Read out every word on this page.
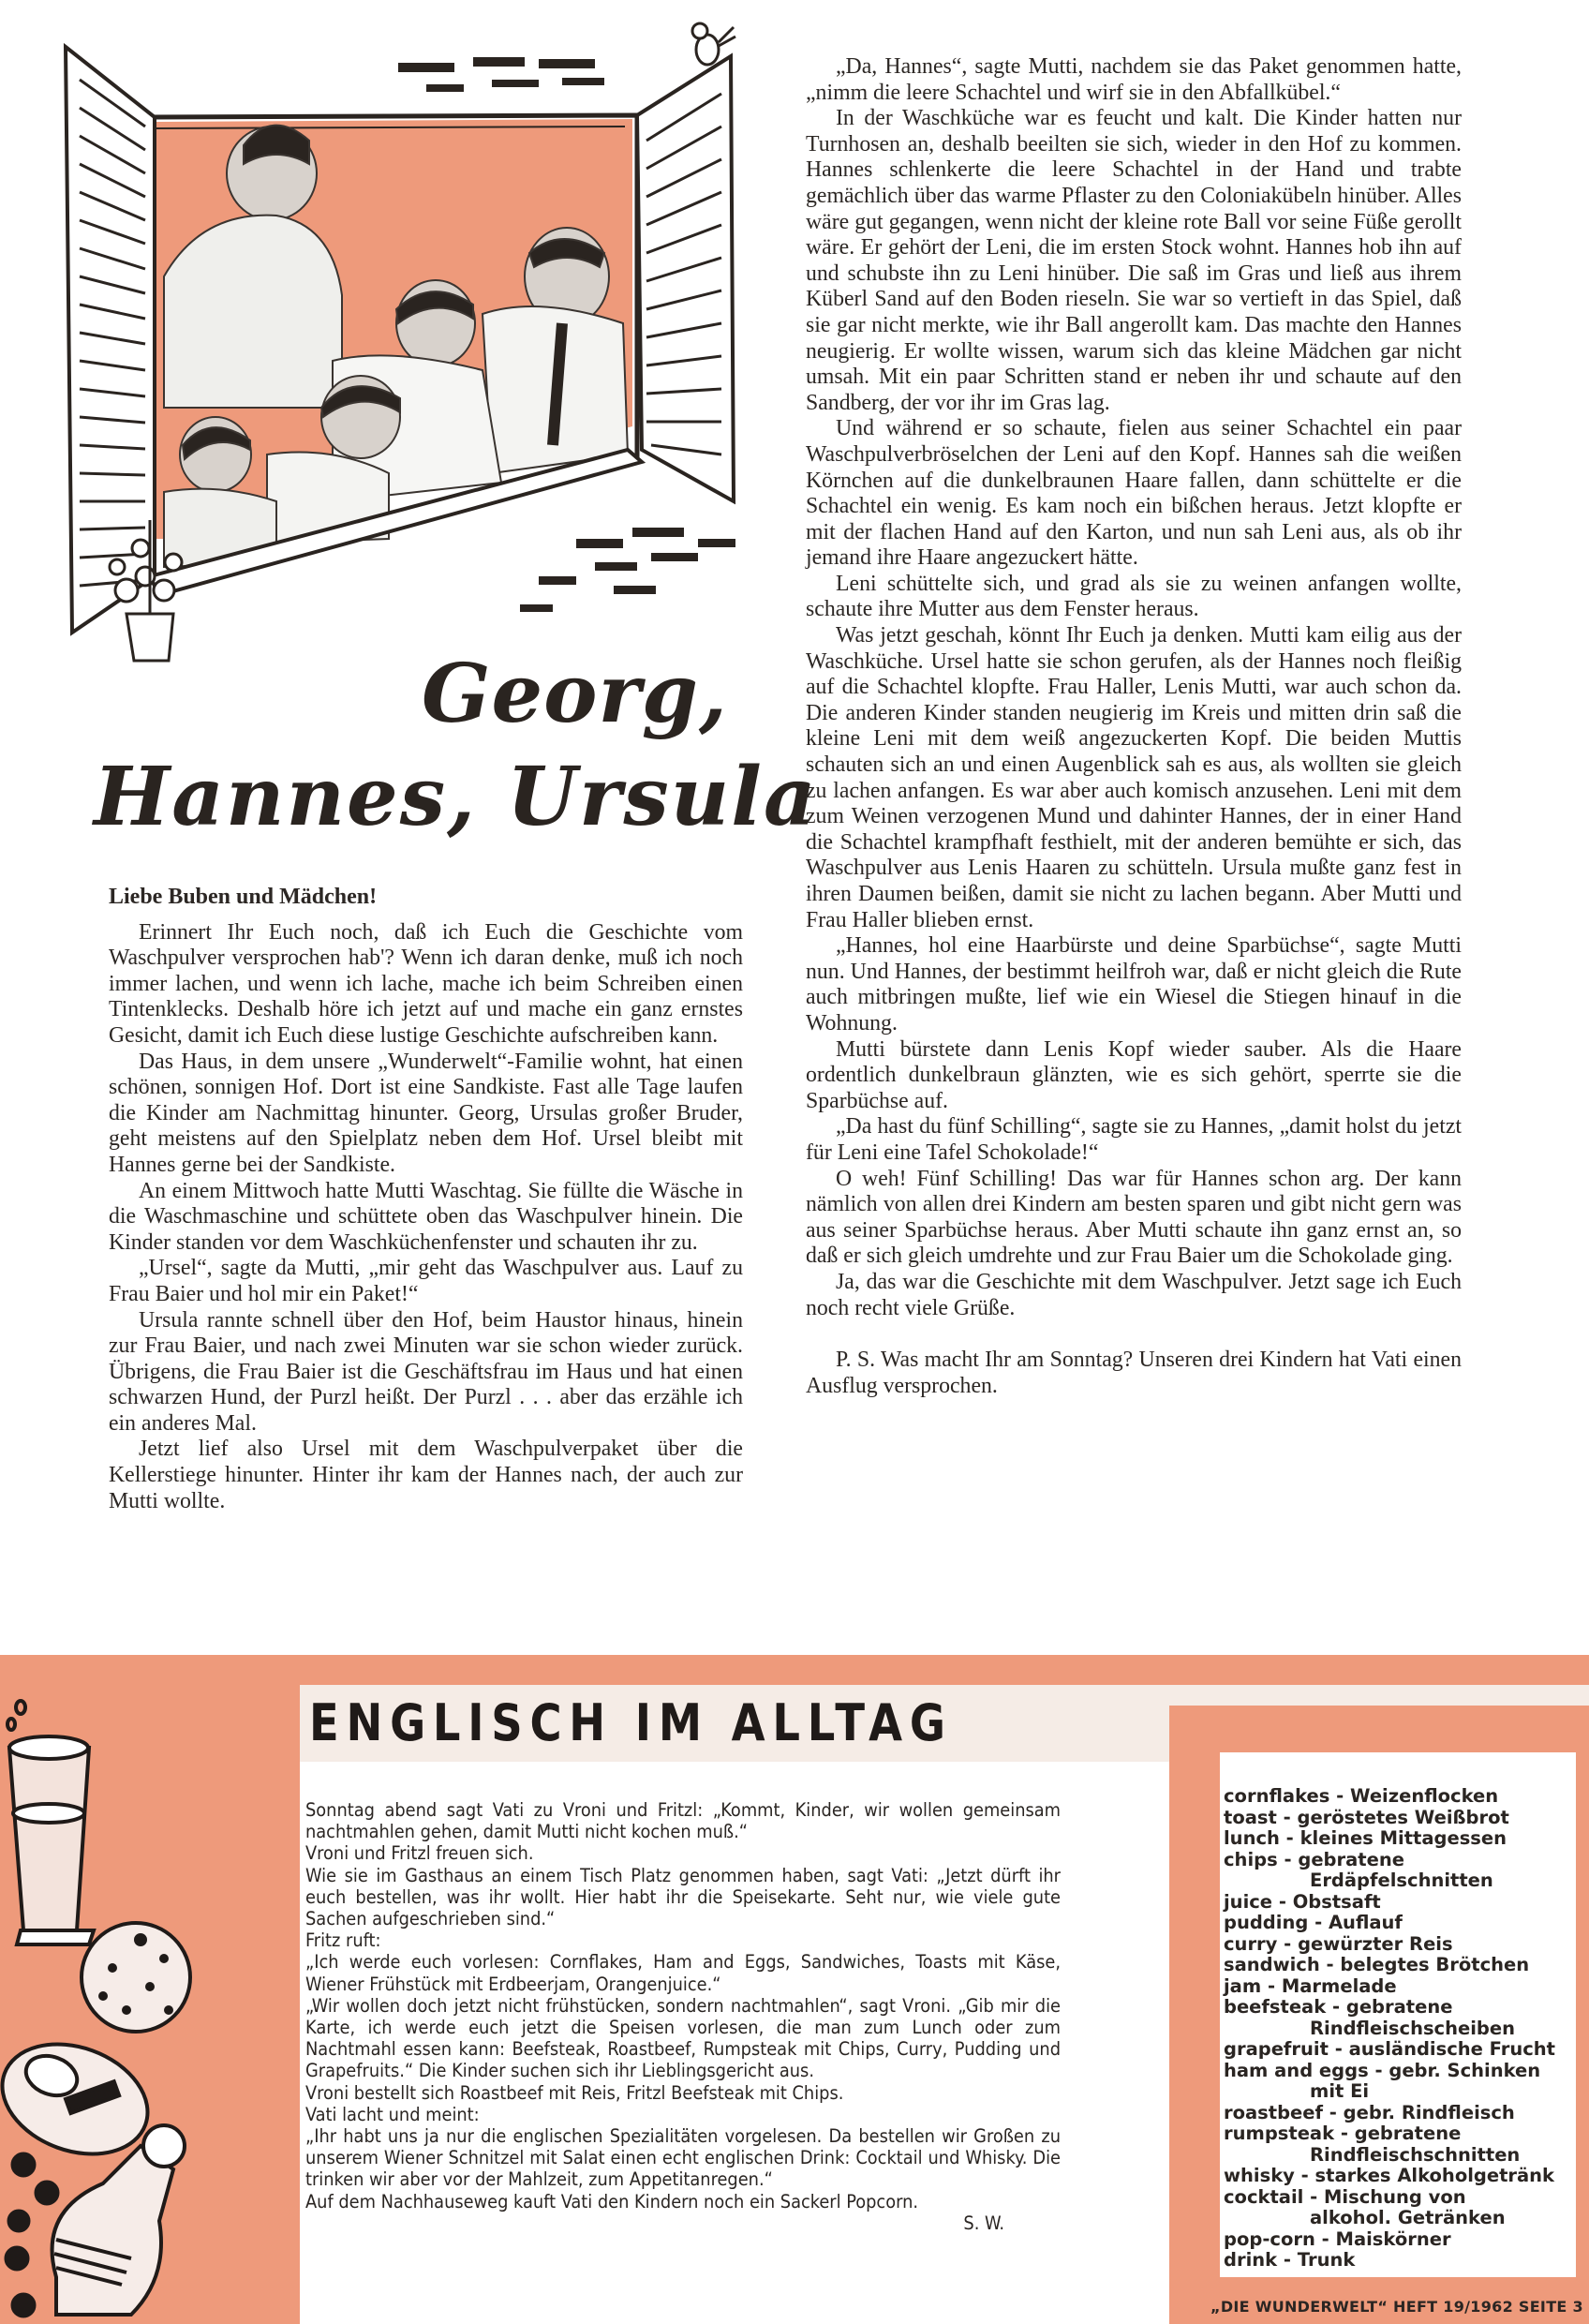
Georg,
Hannes, Ursula

Liebe Buben und Mädchen!

Erinnert Ihr Euch noch, daß ich Euch die Geschichte vom Waschpulver versprochen hab'? Wenn ich daran denke, muß ich noch immer lachen, und wenn ich lache, mache ich beim Schreiben einen Tintenklecks. Deshalb höre ich jetzt auf und mache ein ganz ernstes Gesicht, damit ich Euch diese lustige Geschichte aufschreiben kann.

Das Haus, in dem unsere „Wunderwelt“-Familie wohnt, hat einen schönen, sonnigen Hof. Dort ist eine Sandkiste. Fast alle Tage laufen die Kinder am Nachmittag hinunter. Georg, Ursulas großer Bruder, geht meistens auf den Spielplatz neben dem Hof. Ursel bleibt mit Hannes gerne bei der Sandkiste.

An einem Mittwoch hatte Mutti Waschtag. Sie füllte die Wäsche in die Waschmaschine und schüttete oben das Waschpulver hinein. Die Kinder standen vor dem Waschküchenfenster und schauten ihr zu.

„Ursel“, sagte da Mutti, „mir geht das Waschpulver aus. Lauf zu Frau Baier und hol mir ein Paket!“

Ursula rannte schnell über den Hof, beim Haustor hinaus, hinein zur Frau Baier, und nach zwei Minuten war sie schon wieder zurück. Übrigens, die Frau Baier ist die Geschäftsfrau im Haus und hat einen schwarzen Hund, der Purzl heißt. Der Purzl . . . aber das erzähle ich ein anderes Mal.

Jetzt lief also Ursel mit dem Waschpulverpaket über die Kellerstiege hinunter. Hinter ihr kam der Hannes nach, der auch zur Mutti wollte.

„Da, Hannes“, sagte Mutti, nachdem sie das Paket genommen hatte, „nimm die leere Schachtel und wirf sie in den Abfallkübel.“

In der Waschküche war es feucht und kalt. Die Kinder hatten nur Turnhosen an, deshalb beeilten sie sich, wieder in den Hof zu kommen. Hannes schlenkerte die leere Schachtel in der Hand und trabte gemächlich über das warme Pflaster zu den Coloniakübeln hinüber. Alles wäre gut gegangen, wenn nicht der kleine rote Ball vor seine Füße gerollt wäre. Er gehört der Leni, die im ersten Stock wohnt. Hannes hob ihn auf und schubste ihn zu Leni hinüber. Die saß im Gras und ließ aus ihrem Küberl Sand auf den Boden rieseln. Sie war so vertieft in das Spiel, daß sie gar nicht merkte, wie ihr Ball angerollt kam. Das machte den Hannes neugierig. Er wollte wissen, warum sich das kleine Mädchen gar nicht umsah. Mit ein paar Schritten stand er neben ihr und schaute auf den Sandberg, der vor ihr im Gras lag.

Und während er so schaute, fielen aus seiner Schachtel ein paar Waschpulverbröselchen der Leni auf den Kopf. Hannes sah die weißen Körnchen auf die dunkelbraunen Haare fallen, dann schüttelte er die Schachtel ein wenig. Es kam noch ein bißchen heraus. Jetzt klopfte er mit der flachen Hand auf den Karton, und nun sah Leni aus, als ob ihr jemand ihre Haare angezuckert hätte.

Leni schüttelte sich, und grad als sie zu weinen anfangen wollte, schaute ihre Mutter aus dem Fenster heraus.

Was jetzt geschah, könnt Ihr Euch ja denken. Mutti kam eilig aus der Waschküche. Ursel hatte sie schon gerufen, als der Hannes noch fleißig auf die Schachtel klopfte. Frau Haller, Lenis Mutti, war auch schon da. Die anderen Kinder standen neugierig im Kreis und mitten drin saß die kleine Leni mit dem weiß angezuckerten Kopf. Die beiden Muttis schauten sich an und einen Augenblick sah es aus, als wollten sie gleich zu lachen anfangen. Es war aber auch komisch anzusehen. Leni mit dem zum Weinen verzogenen Mund und dahinter Hannes, der in einer Hand die Schachtel krampfhaft festhielt, mit der anderen bemühte er sich, das Waschpulver aus Lenis Haaren zu schütteln. Ursula mußte ganz fest in ihren Daumen beißen, damit sie nicht zu lachen begann. Aber Mutti und Frau Haller blieben ernst.

„Hannes, hol eine Haarbürste und deine Sparbüchse“, sagte Mutti nun. Und Hannes, der bestimmt heilfroh war, daß er nicht gleich die Rute auch mitbringen mußte, lief wie ein Wiesel die Stiegen hinauf in die Wohnung.

Mutti bürstete dann Lenis Kopf wieder sauber. Als die Haare ordentlich dunkelbraun glänzten, wie es sich gehört, sperrte sie die Sparbüchse auf.

„Da hast du fünf Schilling“, sagte sie zu Hannes, „damit holst du jetzt für Leni eine Tafel Schokolade!“

O weh! Fünf Schilling! Das war für Hannes schon arg. Der kann nämlich von allen drei Kindern am besten sparen und gibt nicht gern was aus seiner Sparbüchse heraus. Aber Mutti schaute ihn ganz ernst an, so daß er sich gleich umdrehte und zur Frau Baier um die Schokolade ging.

Ja, das war die Geschichte mit dem Waschpulver. Jetzt sage ich Euch noch recht viele Grüße.

P. S. Was macht Ihr am Sonntag? Unseren drei Kindern hat Vati einen Ausflug versprochen.

ENGLISCH IM ALLTAG
cornflakes - Weizenflocken
toast - geröstetes Weißbrot
lunch - kleines Mittagessen
chips - gebratene
Erdäpfelschnitten
juice - Obstsaft
pudding - Auflauf
curry - gewürzter Reis
sandwich - belegtes Brötchen
jam - Marmelade
beefsteak - gebratene
Rindfleischscheiben
grapefruit - ausländische Frucht
ham and eggs - gebr. Schinken
mit Ei
roastbeef - gebr. Rindfleisch
rumpsteak - gebratene
Rindfleischschnitten
whisky - starkes Alkoholgetränk
cocktail - Mischung von
alkohol. Getränken
pop-corn - Maiskörner
drink - Trunk

Sonntag abend sagt Vati zu Vroni und Fritzl: „Kommt, Kinder, wir wollen gemeinsam nachtmahlen gehen, damit Mutti nicht kochen muß.“

Vroni und Fritzl freuen sich.

Wie sie im Gasthaus an einem Tisch Platz genommen haben, sagt Vati: „Jetzt dürft ihr euch bestellen, was ihr wollt. Hier habt ihr die Speisekarte. Seht nur, wie viele gute Sachen aufgeschrieben sind.“

Fritz ruft:

„Ich werde euch vorlesen: Cornflakes, Ham and Eggs, Sandwiches, Toasts mit Käse, Wiener Frühstück mit Erdbeerjam, Orangenjuice.“

„Wir wollen doch jetzt nicht frühstücken, sondern nachtmahlen“, sagt Vroni. „Gib mir die Karte, ich werde euch jetzt die Speisen vorlesen, die man zum Lunch oder zum Nachtmahl essen kann: Beefsteak, Roastbeef, Rumpsteak mit Chips, Curry, Pudding und Grapefruits.“ Die Kinder suchen sich ihr Lieblingsgericht aus.

Vroni bestellt sich Roastbeef mit Reis, Fritzl Beefsteak mit Chips.

Vati lacht und meint:

„Ihr habt uns ja nur die englischen Spezialitäten vorgelesen. Da bestellen wir Großen zu unserem Wiener Schnitzel mit Salat einen echt englischen Drink: Cocktail und Whisky. Die trinken wir aber vor der Mahlzeit, zum Appetitanregen.“

Auf dem Nachhauseweg kauft Vati den Kindern noch ein Sackerl Popcorn.

S. W.

„DIE WUNDERWELT“ HEFT 19/1962 SEITE 3
